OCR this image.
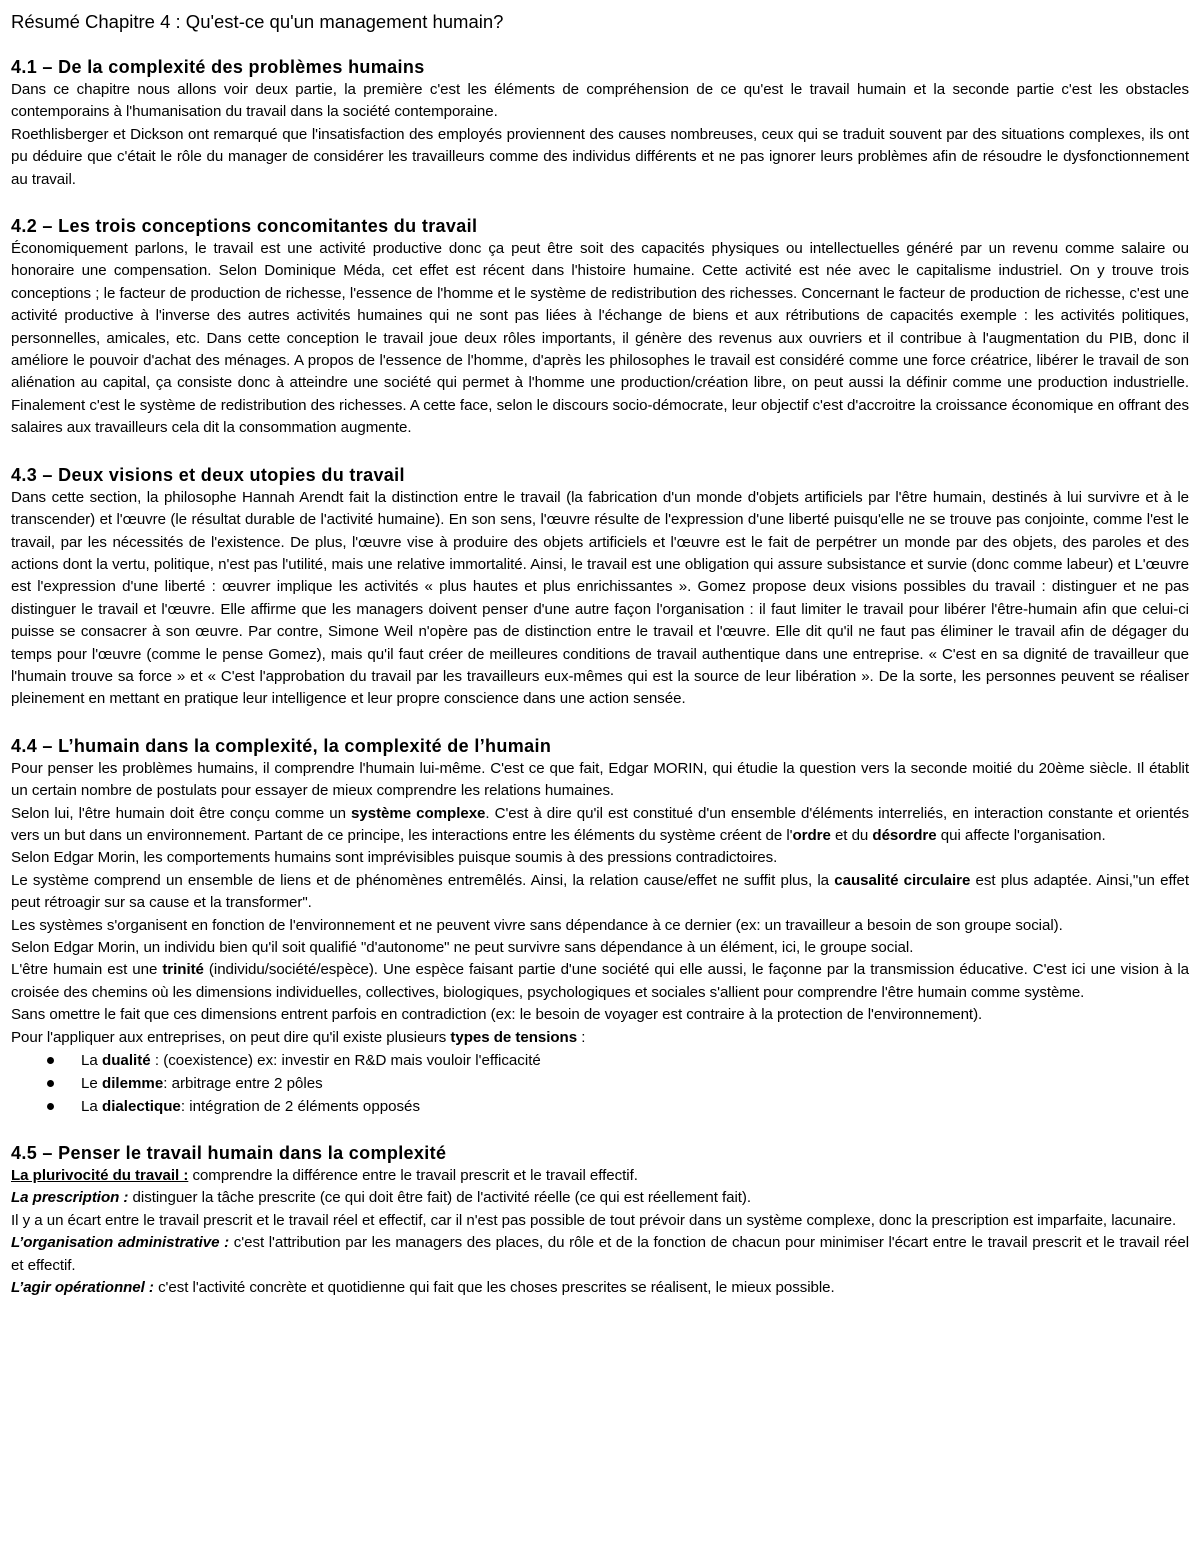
Résumé Chapitre 4 : Qu'est-ce qu'un management humain?
4.1 – De la complexité des problèmes humains

Dans ce chapitre nous allons voir deux partie, la première c'est les éléments de compréhension de ce qu'est le travail humain et la seconde partie c'est les obstacles contemporains à l'humanisation du travail dans la société contemporaine.

Roethlisberger et Dickson ont remarqué que l'insatisfaction des employés proviennent des causes nombreuses, ceux qui se traduit souvent par des situations complexes, ils ont pu déduire que c'était le rôle du manager de considérer les travailleurs comme des individus différents et ne pas ignorer leurs problèmes afin de résoudre le dysfonctionnement au travail.

4.2 – Les trois conceptions concomitantes du travail

Économiquement parlons, le travail est une activité productive donc ça peut être soit des capacités physiques ou intellectuelles généré par un revenu comme salaire ou honoraire une compensation. Selon Dominique Méda, cet effet est récent dans l'histoire humaine. Cette activité est née avec le capitalisme industriel. On y trouve trois conceptions ; le facteur de production de richesse, l'essence de l'homme et le système de redistribution des richesses. Concernant le facteur de production de richesse, c'est une activité productive à l'inverse des autres activités humaines qui ne sont pas liées à l'échange de biens et aux rétributions de capacités exemple : les activités politiques, personnelles, amicales, etc. Dans cette conception le travail joue deux rôles importants, il génère des revenus aux ouvriers et il contribue à l'augmentation du PIB, donc il améliore le pouvoir d'achat des ménages. A propos de l'essence de l'homme, d'après les philosophes le travail est considéré comme une force créatrice, libérer le travail de son aliénation au capital, ça consiste donc à atteindre une société qui permet à l'homme une production/création libre, on peut aussi la définir comme une production industrielle. Finalement c'est le système de redistribution des richesses. A cette face, selon le discours socio-démocrate, leur objectif c'est d'accroitre la croissance économique en offrant des salaires aux travailleurs cela dit la consommation augmente.

4.3 – Deux visions et deux utopies du travail

Dans cette section, la philosophe Hannah Arendt fait la distinction entre le travail (la fabrication d'un monde d'objets artificiels par l'être humain, destinés à lui survivre et à le transcender) et l'œuvre (le résultat durable de l'activité humaine). En son sens, l'œuvre résulte de l'expression d'une liberté puisqu'elle ne se trouve pas conjointe, comme l'est le travail, par les nécessités de l'existence. De plus, l'œuvre vise à produire des objets artificiels et l'œuvre est le fait de perpétrer un monde par des objets, des paroles et des actions dont la vertu, politique, n'est pas l'utilité, mais une relative immortalité. Ainsi, le travail est une obligation qui assure subsistance et survie (donc comme labeur) et L'œuvre est l'expression d'une liberté : œuvrer implique les activités « plus hautes et plus enrichissantes ». Gomez propose deux visions possibles du travail : distinguer et ne pas distinguer le travail et l'œuvre. Elle affirme que les managers doivent penser d'une autre façon l'organisation : il faut limiter le travail pour libérer l'être-humain afin que celui-ci puisse se consacrer à son œuvre. Par contre, Simone Weil n'opère pas de distinction entre le travail et l'œuvre. Elle dit qu'il ne faut pas éliminer le travail afin de dégager du temps pour l'œuvre (comme le pense Gomez), mais qu'il faut créer de meilleures conditions de travail authentique dans une entreprise. « C'est en sa dignité de travailleur que l'humain trouve sa force » et « C'est l'approbation du travail par les travailleurs eux-mêmes qui est la source de leur libération ». De la sorte, les personnes peuvent se réaliser pleinement en mettant en pratique leur intelligence et leur propre conscience dans une action sensée.

4.4 – L’humain dans la complexité, la complexité de l’humain

Pour penser les problèmes humains, il comprendre l'humain lui-même. C'est ce que fait, Edgar MORIN, qui étudie la question vers la seconde moitié du 20ème siècle. Il établit un certain nombre de postulats pour essayer de mieux comprendre les relations humaines.

Selon lui, l'être humain doit être conçu comme un système complexe. C'est à dire qu'il est constitué d'un ensemble d'éléments interreliés, en interaction constante et orientés vers un but dans un environnement. Partant de ce principe, les interactions entre les éléments du système créent de l'ordre et du désordre qui affecte l'organisation.

Selon Edgar Morin, les comportements humains sont imprévisibles puisque soumis à des pressions contradictoires.

Le système comprend un ensemble de liens et de phénomènes entremêlés. Ainsi, la relation cause/effet ne suffit plus, la causalité circulaire est plus adaptée. Ainsi,"un effet peut rétroagir sur sa cause et la transformer".

Les systèmes s'organisent en fonction de l'environnement et ne peuvent vivre sans dépendance à ce dernier (ex: un travailleur a besoin de son groupe social).

Selon Edgar Morin, un individu bien qu'il soit qualifié "d'autonome" ne peut survivre sans dépendance à un élément, ici, le groupe social.

L'être humain est une trinité (individu/société/espèce). Une espèce faisant partie d'une société qui elle aussi, le façonne par la transmission éducative. C'est ici une vision à la croisée des chemins où les dimensions individuelles, collectives, biologiques, psychologiques et sociales s'allient pour comprendre l'être humain comme système.

Sans omettre le fait que ces dimensions entrent parfois en contradiction (ex: le besoin de voyager est contraire à la protection de l'environnement).

Pour l'appliquer aux entreprises, on peut dire qu'il existe plusieurs types de tensions :

La dualité : (coexistence) ex: investir en R&D mais vouloir l'efficacité
Le dilemme: arbitrage entre 2 pôles
La dialectique: intégration de 2 éléments opposés
4.5 – Penser le travail humain dans la complexité

La plurivocité du travail : comprendre la différence entre le travail prescrit et le travail effectif.

La prescription : distinguer la tâche prescrite (ce qui doit être fait) de l'activité réelle (ce qui est réellement fait).

Il y a un écart entre le travail prescrit et le travail réel et effectif, car il n'est pas possible de tout prévoir dans un système complexe, donc la prescription est imparfaite, lacunaire.

L’organisation administrative : c'est l'attribution par les managers des places, du rôle et de la fonction de chacun pour minimiser l'écart entre le travail prescrit et le travail réel et effectif.

L’agir opérationnel : c'est l'activité concrète et quotidienne qui fait que les choses prescrites se réalisent, le mieux possible.
